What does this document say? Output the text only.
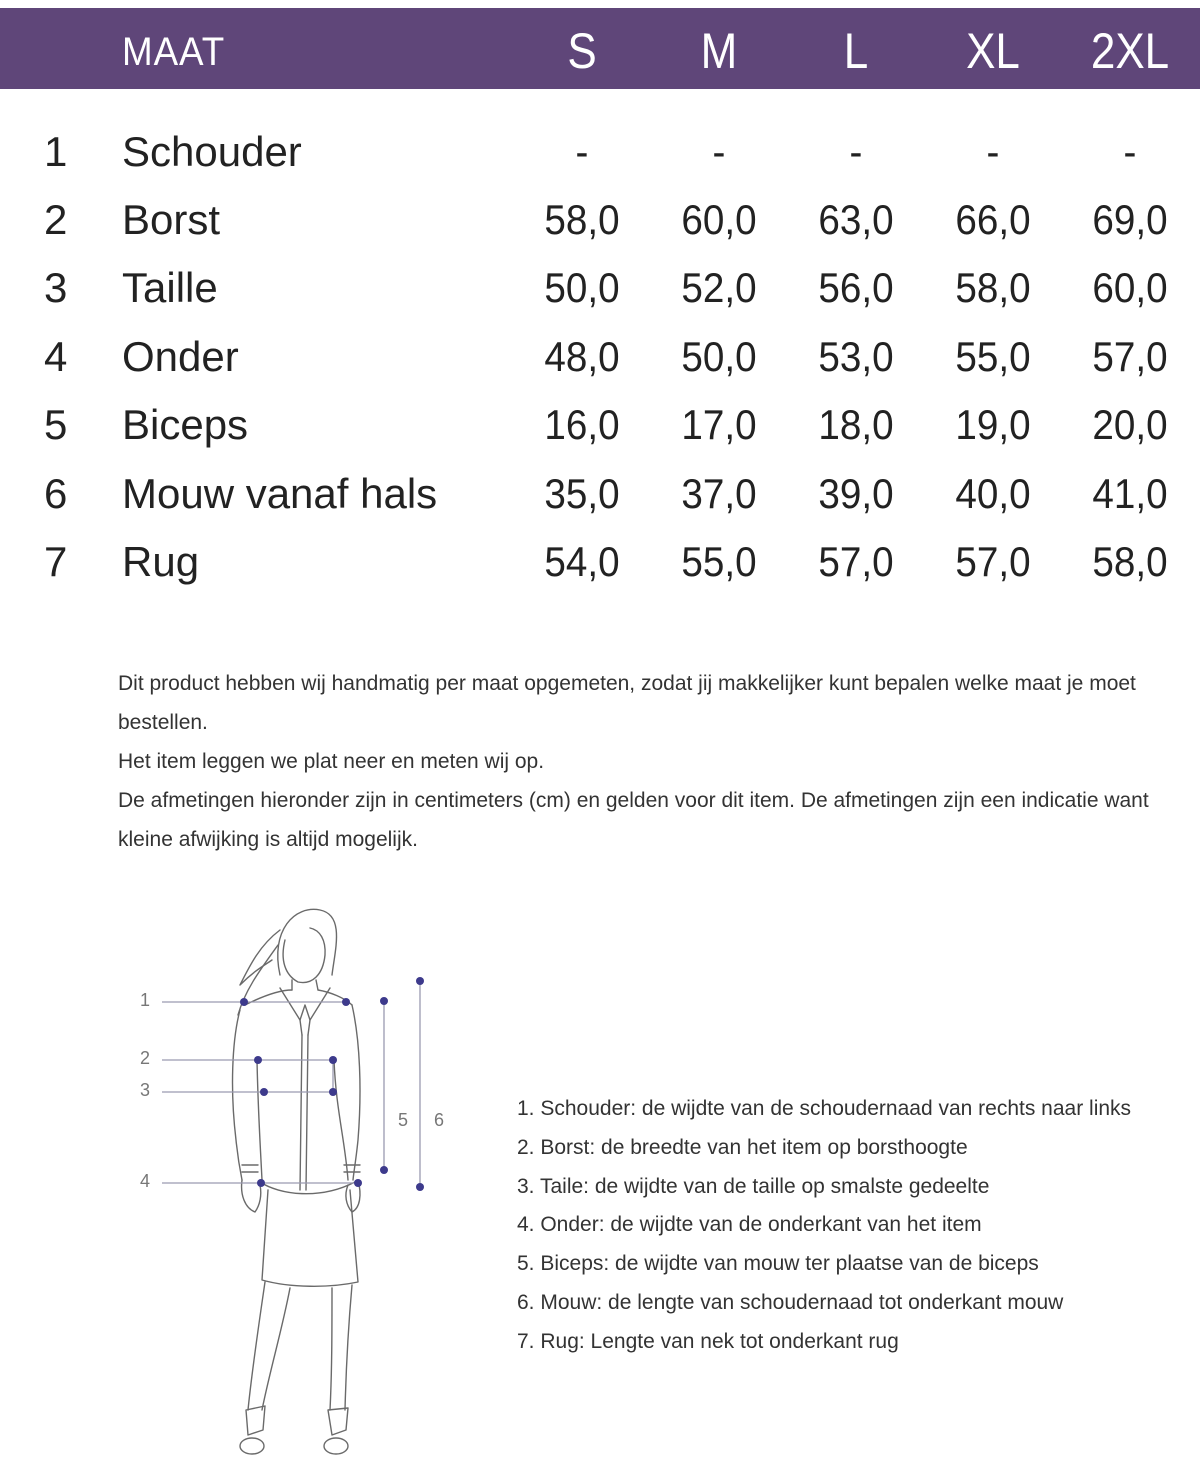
MAAT	S	M	L	XL	2XL
1 Schouder	-	-	-	-	-
2 Borst	58,0	60,0	63,0	66,0	69,0
3 Taille	50,0	52,0	56,0	58,0	60,0
4 Onder	48,0	50,0	53,0	55,0	57,0
5 Biceps	16,0	17,0	18,0	19,0	20,0
6 Mouw vanaf hals	35,0	37,0	39,0	40,0	41,0
7 Rug	54,0	55,0	57,0	57,0	58,0

Dit product hebben wij handmatig per maat opgemeten, zodat jij makkelijker kunt bepalen welke maat je moet bestellen.

Het item leggen we plat neer en meten wij op.

De afmetingen hieronder zijn in centimeters (cm) en gelden voor dit item. De afmetingen zijn een indicatie want kleine afwijking is altijd mogelijk.

1
2
3
4
5 6	1. Schouder: de wijdte van de schoudernaad van rechts naar links
2. Borst: de breedte van het item op borsthoogte
3. Taile: de wijdte van de taille op smalste gedeelte
4. Onder: de wijdte van de onderkant van het item
5. Biceps: de wijdte van mouw ter plaatse van de biceps
6. Mouw: de lengte van schoudernaad tot onderkant mouw
7. Rug: Lengte van nek tot onderkant rug
